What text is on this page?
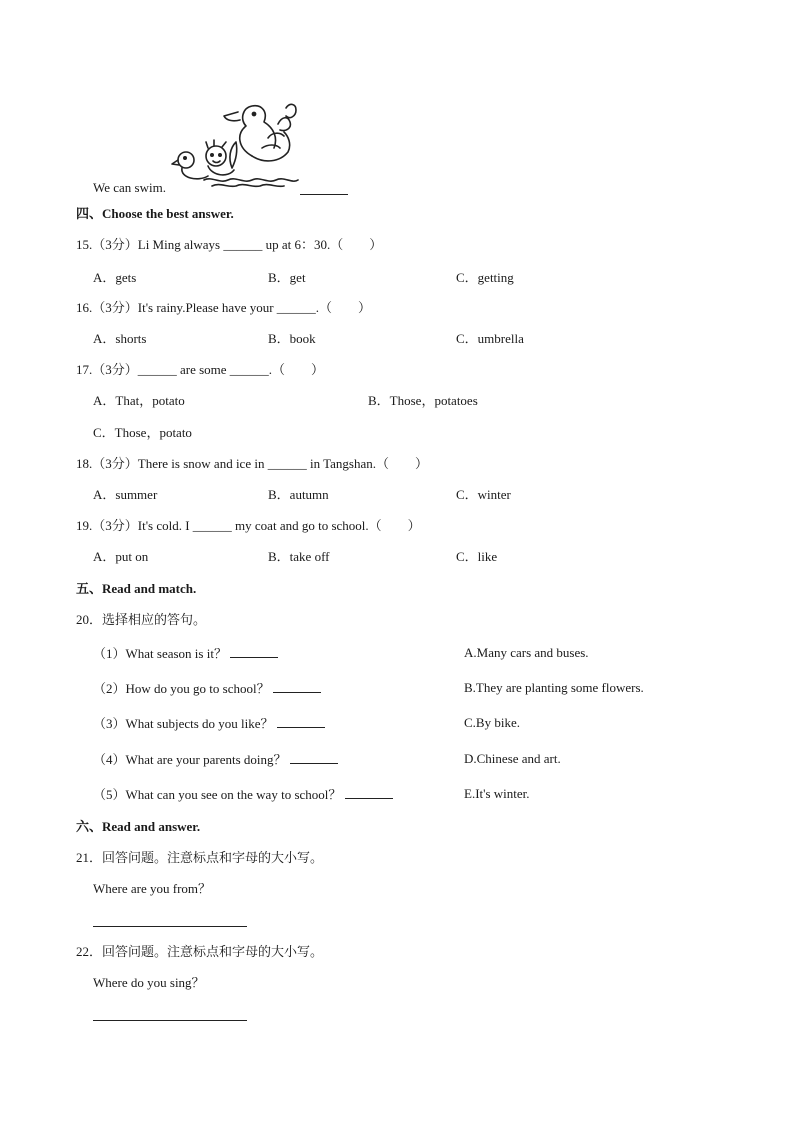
We can swim.
四、Choose the best answer.
15.（3分）Li Ming always ______ up at 6：30.（　　）
A．gets	B．get	C．getting
16.（3分）It's rainy.Please have your ______.（　　）
A．shorts	B．book	C．umbrella
17.（3分）______ are some ______.（　　）
A．That，potato	B．Those，potatoes
C．Those，potato
18.（3分）There is snow and ice in ______ in Tangshan.（　　）
A．summer	B．autumn	C．winter
19.（3分）It's cold. I ______ my coat and go to school.（　　）
A．put on	B．take off	C．like
五、Read and match.
20．选择相应的答句。
（1）What season is it？	A.Many cars and buses.
（2）How do you go to school？	B.They are planting some flowers.
（3）What subjects do you like？	C.By bike.
（4）What are your parents doing？	D.Chinese and art.
（5）What can you see on the way to school？	E.It's winter.
六、Read and answer.
21．回答问题。注意标点和字母的大小写。
Where are you from？
22．回答问题。注意标点和字母的大小写。
Where do you sing？
